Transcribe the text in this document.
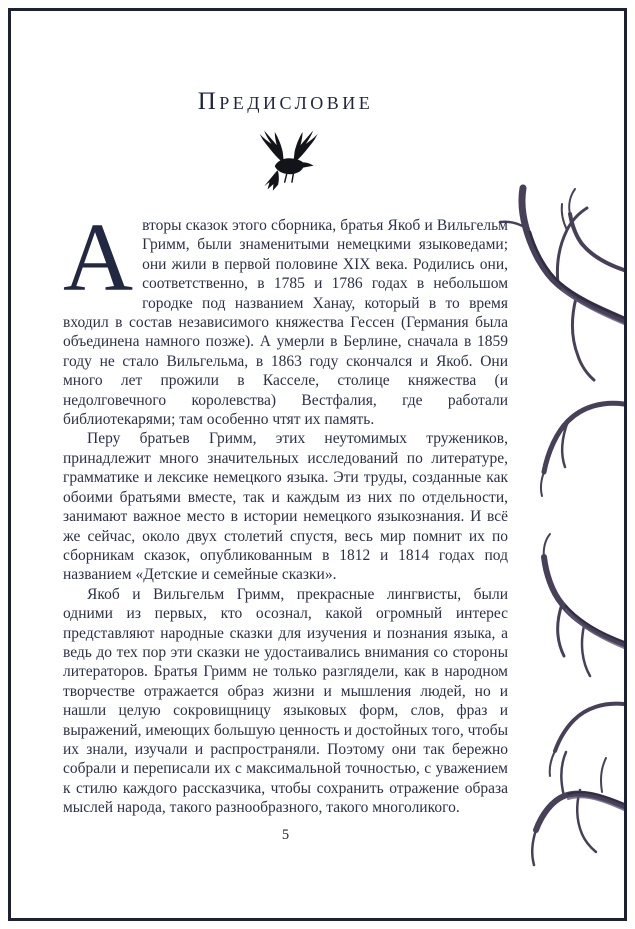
Предисловие

Авторы сказок этого сборника, братья Якоб и Вильгельм Гримм, были знаменитыми немецкими языковедами; они жили в первой половине XIX века. Родились они, соответственно, в 1785 и 1786 годах в небольшом городке под названием Ханау, который в то время входил в состав независимого княжества Гессен (Германия была объединена намного позже). А умерли в Берлине, сначала в 1859 году не стало Вильгельма, в 1863 году скончался и Якоб. Они много лет прожили в Касселе, столице княжества (и недолговечного королевства) Вестфалия, где работали библиотекарями; там особенно чтят их память.

Перу братьев Гримм, этих неутомимых тружеников, принадлежит много значительных исследований по литературе, грамматике и лексике немецкого языка. Эти труды, созданные как обоими братьями вместе, так и каждым из них по отдельности, занимают важное место в истории немецкого языкознания. И всё же сейчас, около двух столетий спустя, весь мир помнит их по сборникам сказок, опубликованным в 1812 и 1814 годах под названием «Детские и семейные сказки».

Якоб и Вильгельм Гримм, прекрасные лингвисты, были одними из первых, кто осознал, какой огромный интерес представляют народные сказки для изучения и познания языка, а ведь до тех пор эти сказки не удостаивались внимания со стороны литераторов. Братья Гримм не только разглядели, как в народном творчестве отражается образ жизни и мышления людей, но и нашли целую сокровищницу языковых форм, слов, фраз и выражений, имеющих большую ценность и достойных того, чтобы их знали, изучали и распространяли. Поэтому они так бережно собрали и переписали их с максимальной точностью, с уважением к стилю каждого рассказчика, чтобы сохранить отражение образа мыслей народа, такого разнообразного, такого многоликого.

5
